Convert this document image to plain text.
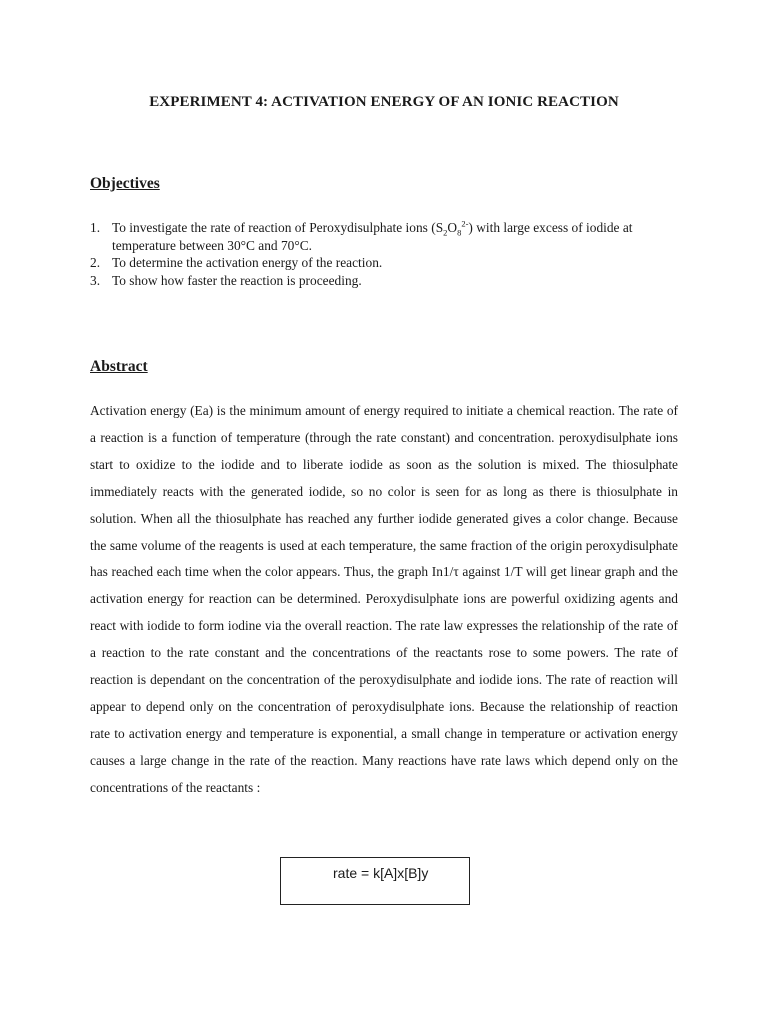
EXPERIMENT 4: ACTIVATION ENERGY OF AN IONIC REACTION
Objectives
1. To investigate the rate of reaction of Peroxydisulphate ions $(S_2O_8^{2-})$ with large excess of iodide at temperature between 30°C and 70°C.
2. To determine the activation energy of the reaction.
3. To show how faster the reaction is proceeding.
Abstract

Activation energy (Ea) is the minimum amount of energy required to initiate a chemical reaction. The rate of a reaction is a function of temperature (through the rate constant) and concentration. peroxydisulphate ions start to oxidize to the iodide and to liberate iodide as soon as the solution is mixed. The thiosulphate immediately reacts with the generated iodide, so no color is seen for as long as there is thiosulphate in solution. When all the thiosulphate has reached any further iodide generated gives a color change. Because the same volume of the reagents is used at each temperature, the same fraction of the origin peroxydisulphate has reached each time when the color appears. Thus, the graph In1/τ against 1/T will get linear graph and the activation energy for reaction can be determined. Peroxydisulphate ions are powerful oxidizing agents and react with iodide to form iodine via the overall reaction. The rate law expresses the relationship of the rate of a reaction to the rate constant and the concentrations of the reactants rose to some powers. The rate of reaction is dependant on the concentration of the peroxydisulphate and iodide ions. The rate of reaction will appear to depend only on the concentration of peroxydisulphate ions. Because the relationship of reaction rate to activation energy and temperature is exponential, a small change in temperature or activation energy causes a large change in the rate of the reaction. Many reactions have rate laws which depend only on the concentrations of the reactants :

rate = k[A]x[B]y
